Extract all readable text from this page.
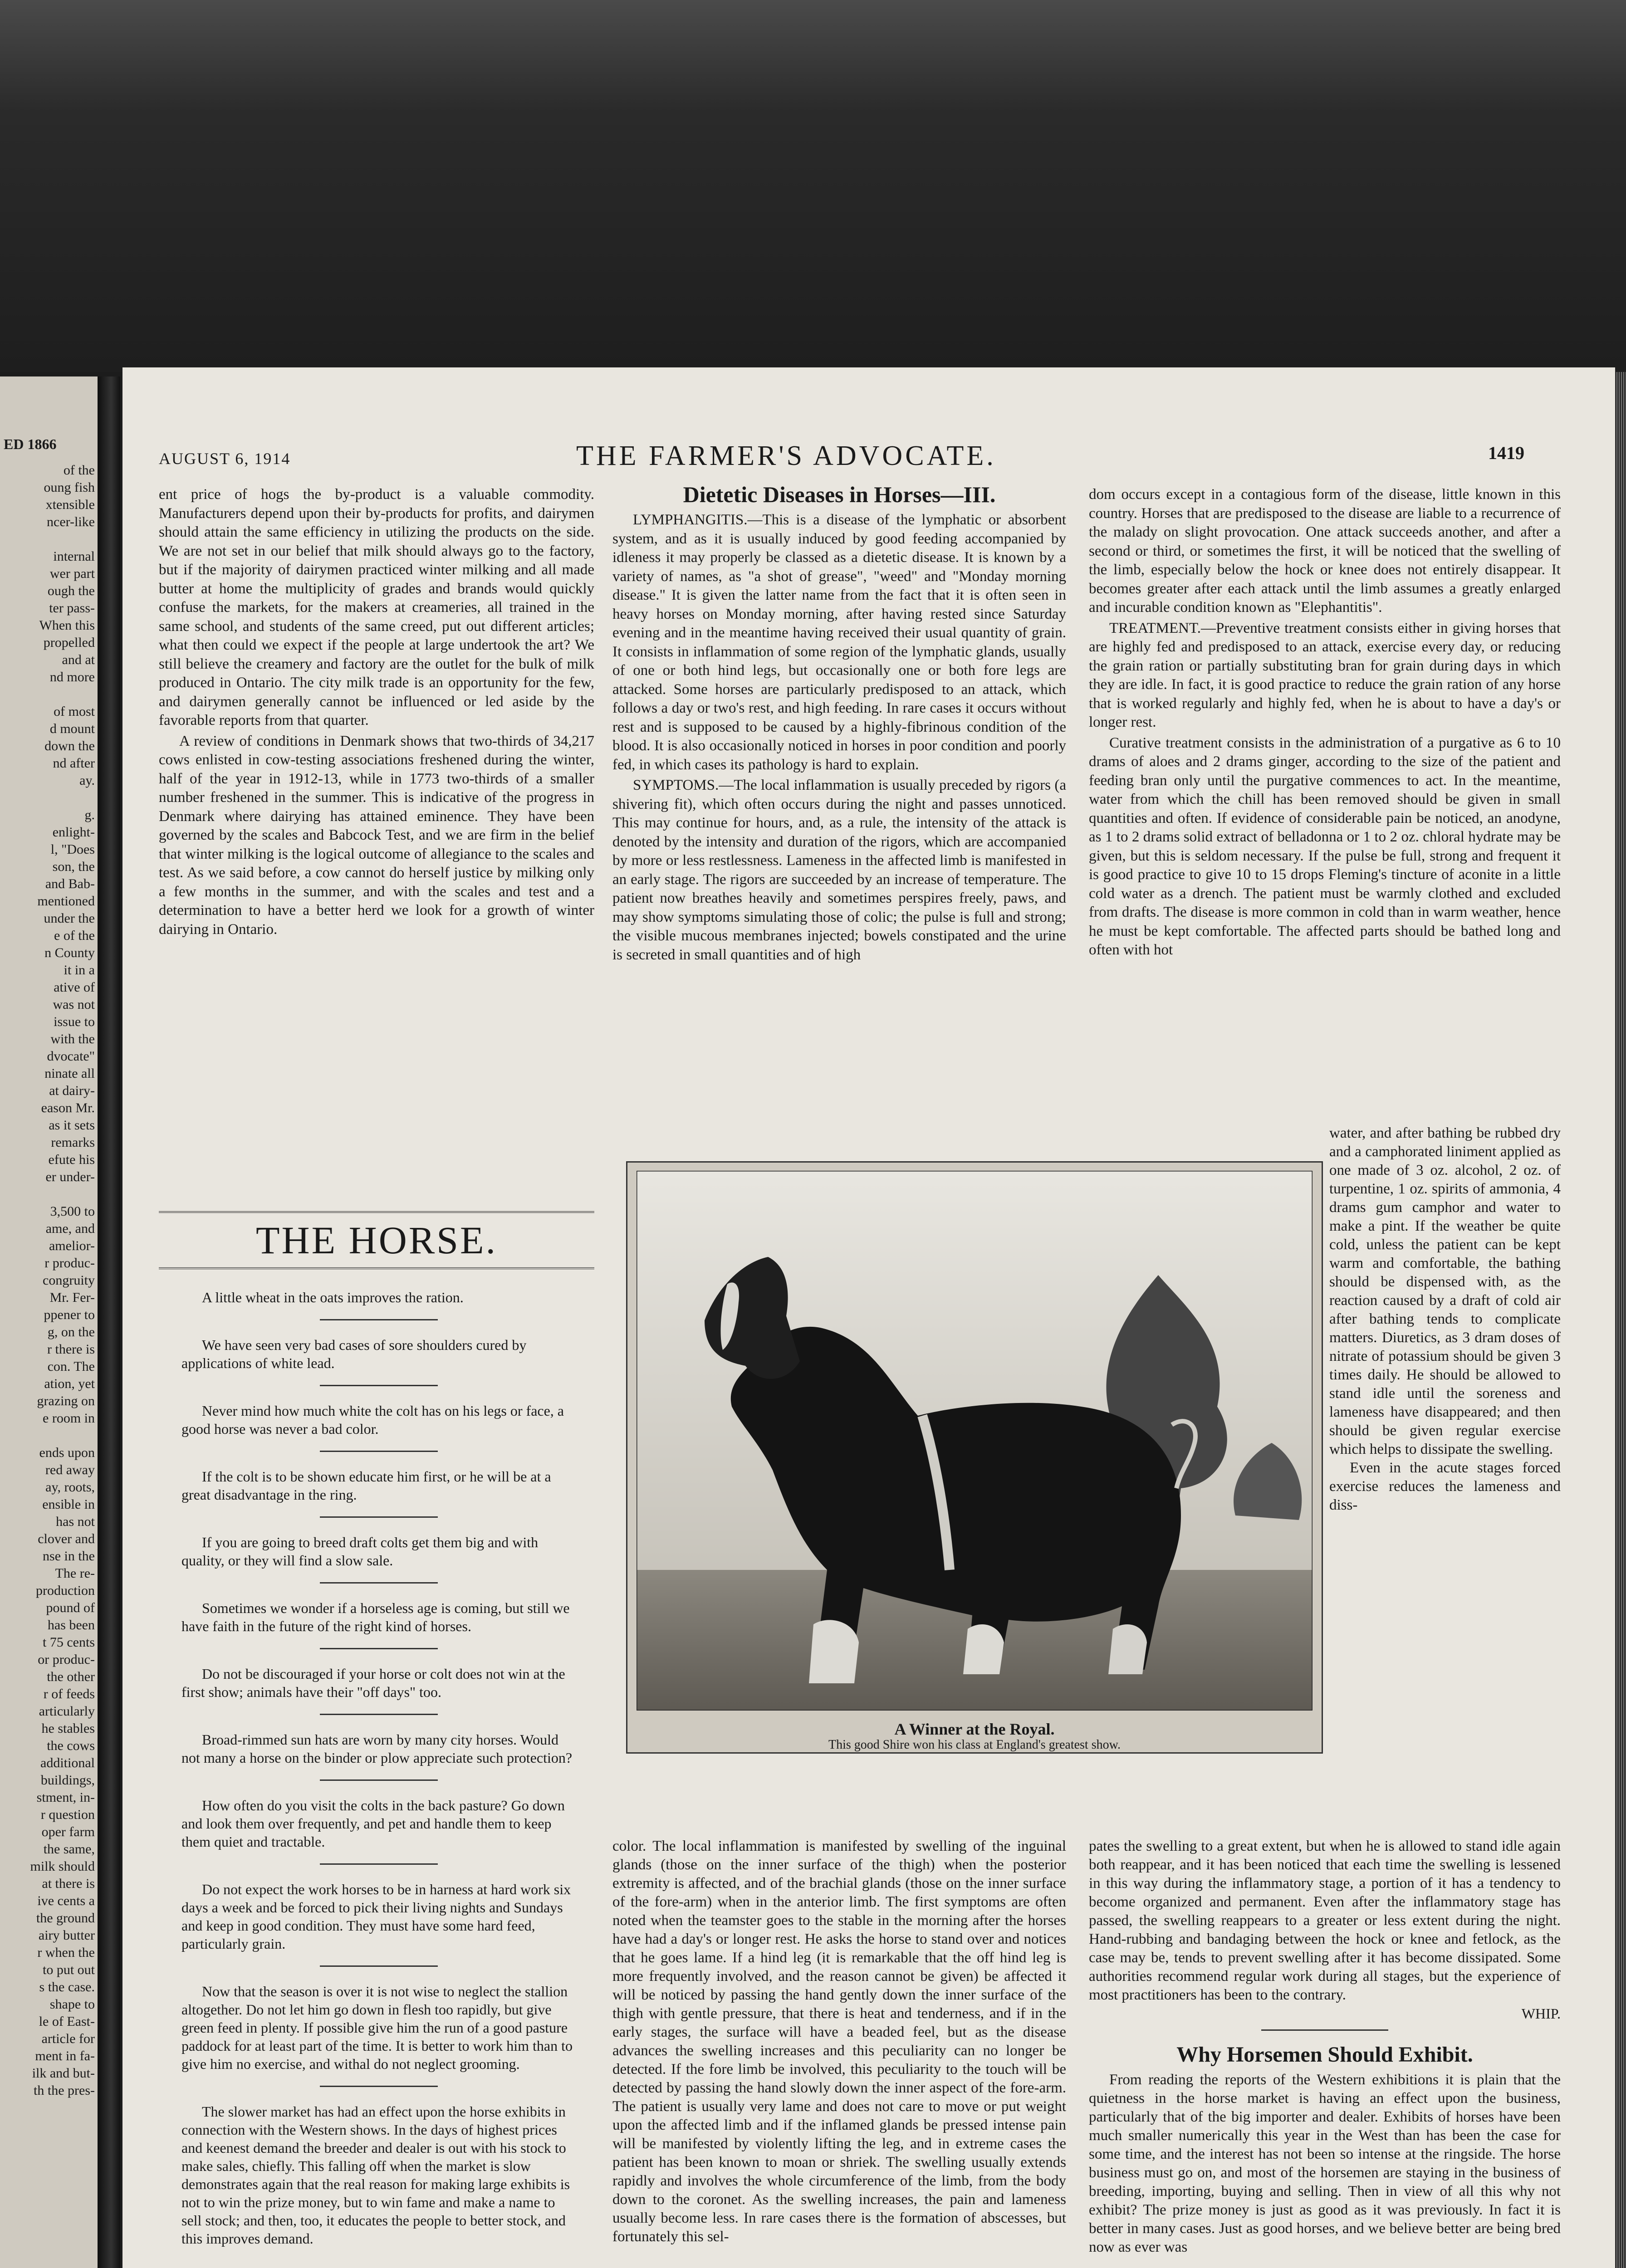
ED 1866
of the
oung fish
xtensible
ncer-like

internal
wer part
ough the
ter pass-
When this
propelled
and at
nd more

of most
d mount
down the
nd after
ay.

g.
enlight-
l, "Does
son, the
and Bab-
mentioned
under the
e of the
n County
it in a
ative of
was not
issue to
with the
dvocate"
ninate all
at dairy-
eason Mr.
as it sets
remarks
efute his
er under-

3,500 to
ame, and
amelior-
r produc-
congruity
Mr. Fer-
ppener to
g, on the
r there is
con. The
ation, yet
grazing on
e room in

ends upon
red away
ay, roots,
ensible in
has not
clover and
nse in the
The re-
production
pound of
has been
t 75 cents
or produc-
the other
r of feeds
articularly
he stables
the cows
additional
buildings,
stment, in-
r question
oper farm
the same,
milk should
at there is
ive cents a
the ground
airy butter
r when the
to put out
s the case.
shape to
le of East-
article for
ment in fa-
ilk and but-
th the pres-
AUGUST 6, 1914	THE FARMER'S ADVOCATE.	1419

ent price of hogs the by-product is a valuable commodity. Manufacturers depend upon their by-products for profits, and dairymen should attain the same efficiency in utilizing the products on the side. We are not set in our belief that milk should always go to the factory, but if the majority of dairymen practiced winter milking and all made butter at home the multiplicity of grades and brands would quickly confuse the markets, for the makers at creameries, all trained in the same school, and students of the same creed, put out different articles; what then could we expect if the people at large undertook the art? We still believe the creamery and factory are the outlet for the bulk of milk produced in Ontario. The city milk trade is an opportunity for the few, and dairymen generally cannot be influenced or led aside by the favorable reports from that quarter.

A review of conditions in Denmark shows that two-thirds of 34,217 cows enlisted in cow-testing associations freshened during the winter, half of the year in 1912-13, while in 1773 two-thirds of a smaller number freshened in the summer. This is indicative of the progress in Denmark where dairying has attained eminence. They have been governed by the scales and Babcock Test, and we are firm in the belief that winter milking is the logical outcome of allegiance to the scales and test. As we said before, a cow cannot do herself justice by milking only a few months in the summer, and with the scales and test and a determination to have a better herd we look for a growth of winter dairying in Ontario.

THE HORSE.

A little wheat in the oats improves the ration.

We have seen very bad cases of sore shoulders cured by applications of white lead.

Never mind how much white the colt has on his legs or face, a good horse was never a bad color.

If the colt is to be shown educate him first, or he will be at a great disadvantage in the ring.

If you are going to breed draft colts get them big and with quality, or they will find a slow sale.

Sometimes we wonder if a horseless age is coming, but still we have faith in the future of the right kind of horses.

Do not be discouraged if your horse or colt does not win at the first show; animals have their "off days" too.

Broad-rimmed sun hats are worn by many city horses. Would not many a horse on the binder or plow appreciate such protection?

How often do you visit the colts in the back pasture? Go down and look them over frequently, and pet and handle them to keep them quiet and tractable.

Do not expect the work horses to be in harness at hard work six days a week and be forced to pick their living nights and Sundays and keep in good condition. They must have some hard feed, particularly grain.

Now that the season is over it is not wise to neglect the stallion altogether. Do not let him go down in flesh too rapidly, but give green feed in plenty. If possible give him the run of a good pasture paddock for at least part of the time. It is better to work him than to give him no exercise, and withal do not neglect grooming.

The slower market has had an effect upon the horse exhibits in connection with the Western shows. In the days of highest prices and keenest demand the breeder and dealer is out with his stock to make sales, chiefly. This falling off when the market is slow demonstrates again that the real reason for making large exhibits is not to win the prize money, but to win fame and make a name to sell stock; and then, too, it educates the people to better stock, and this improves demand.

Dietetic Diseases in Horses—III.

LYMPHANGITIS.—This is a disease of the lymphatic or absorbent system, and as it is usually induced by good feeding accompanied by idleness it may properly be classed as a dietetic disease. It is known by a variety of names, as "a shot of grease", "weed" and "Monday morning disease." It is given the latter name from the fact that it is often seen in heavy horses on Monday morning, after having rested since Saturday evening and in the meantime having received their usual quantity of grain. It consists in inflammation of some region of the lymphatic glands, usually of one or both hind legs, but occasionally one or both fore legs are attacked. Some horses are particularly predisposed to an attack, which follows a day or two's rest, and high feeding. In rare cases it occurs without rest and is supposed to be caused by a highly-fibrinous condition of the blood. It is also occasionally noticed in horses in poor condition and poorly fed, in which cases its pathology is hard to explain.

SYMPTOMS.—The local inflammation is usually preceded by rigors (a shivering fit), which often occurs during the night and passes unnoticed. This may continue for hours, and, as a rule, the intensity of the attack is denoted by the intensity and duration of the rigors, which are accompanied by more or less restlessness. Lameness in the affected limb is manifested in an early stage. The rigors are succeeded by an increase of temperature. The patient now breathes heavily and sometimes perspires freely, paws, and may show symptoms simulating those of colic; the pulse is full and strong; the visible mucous membranes injected; bowels constipated and the urine is secreted in small quantities and of high

dom occurs except in a contagious form of the disease, little known in this country. Horses that are predisposed to the disease are liable to a recurrence of the malady on slight provocation. One attack succeeds another, and after a second or third, or sometimes the first, it will be noticed that the swelling of the limb, especially below the hock or knee does not entirely disappear. It becomes greater after each attack until the limb assumes a greatly enlarged and incurable condition known as "Elephantitis".

TREATMENT.—Preventive treatment consists either in giving horses that are highly fed and predisposed to an attack, exercise every day, or reducing the grain ration or partially substituting bran for grain during days in which they are idle. In fact, it is good practice to reduce the grain ration of any horse that is worked regularly and highly fed, when he is about to have a day's or longer rest.

Curative treatment consists in the administration of a purgative as 6 to 10 drams of aloes and 2 drams ginger, according to the size of the patient and feeding bran only until the purgative commences to act. In the meantime, water from which the chill has been removed should be given in small quantities and often. If evidence of considerable pain be noticed, an anodyne, as 1 to 2 drams solid extract of belladonna or 1 to 2 oz. chloral hydrate may be given, but this is seldom necessary. If the pulse be full, strong and frequent it is good practice to give 10 to 15 drops Fleming's tincture of aconite in a little cold water as a drench. The patient must be warmly clothed and excluded from drafts. The disease is more common in cold than in warm weather, hence he must be kept comfortable. The affected parts should be bathed long and often with hot

A Winner at the Royal.
This good Shire won his class at England's greatest show.

water, and after bathing be rubbed dry and a camphorated liniment applied as one made of 3 oz. alcohol, 2 oz. of turpentine, 1 oz. spirits of ammonia, 4 drams gum camphor and water to make a pint. If the weather be quite cold, unless the patient can be kept warm and comfortable, the bathing should be dispensed with, as the reaction caused by a draft of cold air after bathing tends to complicate matters. Diuretics, as 3 dram doses of nitrate of potassium should be given 3 times daily. He should be allowed to stand idle until the soreness and lameness have disappeared; and then should be given regular exercise which helps to dissipate the swelling.

Even in the acute stages forced exercise reduces the lameness and diss-

color. The local inflammation is manifested by swelling of the inguinal glands (those on the inner surface of the thigh) when the posterior extremity is affected, and of the brachial glands (those on the inner surface of the fore-arm) when in the anterior limb. The first symptoms are often noted when the teamster goes to the stable in the morning after the horses have had a day's or longer rest. He asks the horse to stand over and notices that he goes lame. If a hind leg (it is remarkable that the off hind leg is more frequently involved, and the reason cannot be given) be affected it will be noticed by passing the hand gently down the inner surface of the thigh with gentle pressure, that there is heat and tenderness, and if in the early stages, the surface will have a beaded feel, but as the disease advances the swelling increases and this peculiarity can no longer be detected. If the fore limb be involved, this peculiarity to the touch will be detected by passing the hand slowly down the inner aspect of the fore-arm. The patient is usually very lame and does not care to move or put weight upon the affected limb and if the inflamed glands be pressed intense pain will be manifested by violently lifting the leg, and in extreme cases the patient has been known to moan or shriek. The swelling usually extends rapidly and involves the whole circumference of the limb, from the body down to the coronet. As the swelling increases, the pain and lameness usually become less. In rare cases there is the formation of abscesses, but fortunately this sel-

pates the swelling to a great extent, but when he is allowed to stand idle again both reappear, and it has been noticed that each time the swelling is lessened in this way during the inflammatory stage, a portion of it has a tendency to become organized and permanent. Even after the inflammatory stage has passed, the swelling reappears to a greater or less extent during the night. Hand-rubbing and bandaging between the hock or knee and fetlock, as the case may be, tends to prevent swelling after it has become dissipated. Some authorities recommend regular work during all stages, but the experience of most practitioners has been to the contrary.

WHIP.
Why Horsemen Should Exhibit.

From reading the reports of the Western exhibitions it is plain that the quietness in the horse market is having an effect upon the business, particularly that of the big importer and dealer. Exhibits of horses have been much smaller numerically this year in the West than has been the case for some time, and the interest has not been so intense at the ringside. The horse business must go on, and most of the horsemen are staying in the business of breeding, importing, buying and selling. Then in view of all this why not exhibit? The prize money is just as good as it was previously. In fact it is better in many cases. Just as good horses, and we believe better are being bred now as ever was
